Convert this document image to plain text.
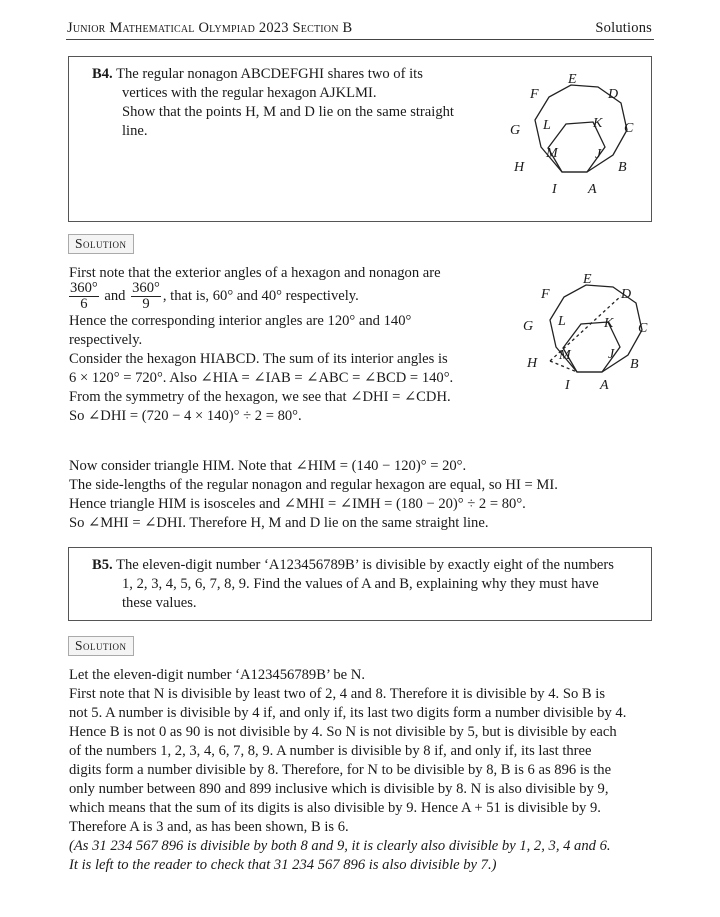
Junior Mathematical Olympiad 2023 Section B	Solutions
B4. The regular nonagon ABCDEFGHI shares two of its
vertices with the regular hexagon AJKLMI.
Show that the points H, M and D lie on the same straight
line.
E
D
F
C
G	K
L
M	J
B
H
I A
Solution
First note that the exterior angles of a hexagon and nonagon are
$\frac{360^\circ}{6}$ and $\frac{360^\circ}{9}$ , that is, 60° and 40° respectively.
Hence the corresponding interior angles are 120° and 140°
respectively.
Consider the hexagon HIABCD. The sum of its interior angles is
6 × 120° = 720°. Also ∠HIA = ∠IAB = ∠ABC = ∠BCD = 140°.
From the symmetry of the hexagon, we see that ∠DHI = ∠CDH.
So ∠DHI = (720 − 4 × 140)° ÷ 2 = 80°.
E
D
F
C
G	K
L
M	J
B
H
I A
Now consider triangle HIM. Note that ∠HIM = (140 − 120)° = 20°.
The side-lengths of the regular nonagon and regular hexagon are equal, so HI = MI.
Hence triangle HIM is isosceles and ∠MHI = ∠IMH = (180 − 20)° ÷ 2 = 80°.
So ∠MHI = ∠DHI. Therefore H, M and D lie on the same straight line.
B5. The eleven-digit number ‘A123456789B’ is divisible by exactly eight of the numbers
1, 2, 3, 4, 5, 6, 7, 8, 9. Find the values of A and B, explaining why they must have
these values.
Solution
Let the eleven-digit number ‘A123456789B’ be N.
First note that N is divisible by least two of 2, 4 and 8. Therefore it is divisible by 4. So B is
not 5. A number is divisible by 4 if, and only if, its last two digits form a number divisible by 4.
Hence B is not 0 as 90 is not divisible by 4. So N is not divisible by 5, but is divisible by each
of the numbers 1, 2, 3, 4, 6, 7, 8, 9. A number is divisible by 8 if, and only if, its last three
digits form a number divisible by 8. Therefore, for N to be divisible by 8, B is 6 as 896 is the
only number between 890 and 899 inclusive which is divisible by 8. N is also divisible by 9,
which means that the sum of its digits is also divisible by 9. Hence A + 51 is divisible by 9.
Therefore A is 3 and, as has been shown, B is 6.
(As 31 234 567 896 is divisible by both 8 and 9, it is clearly also divisible by 1, 2, 3, 4 and 6.
It is left to the reader to check that 31 234 567 896 is also divisible by 7.)
